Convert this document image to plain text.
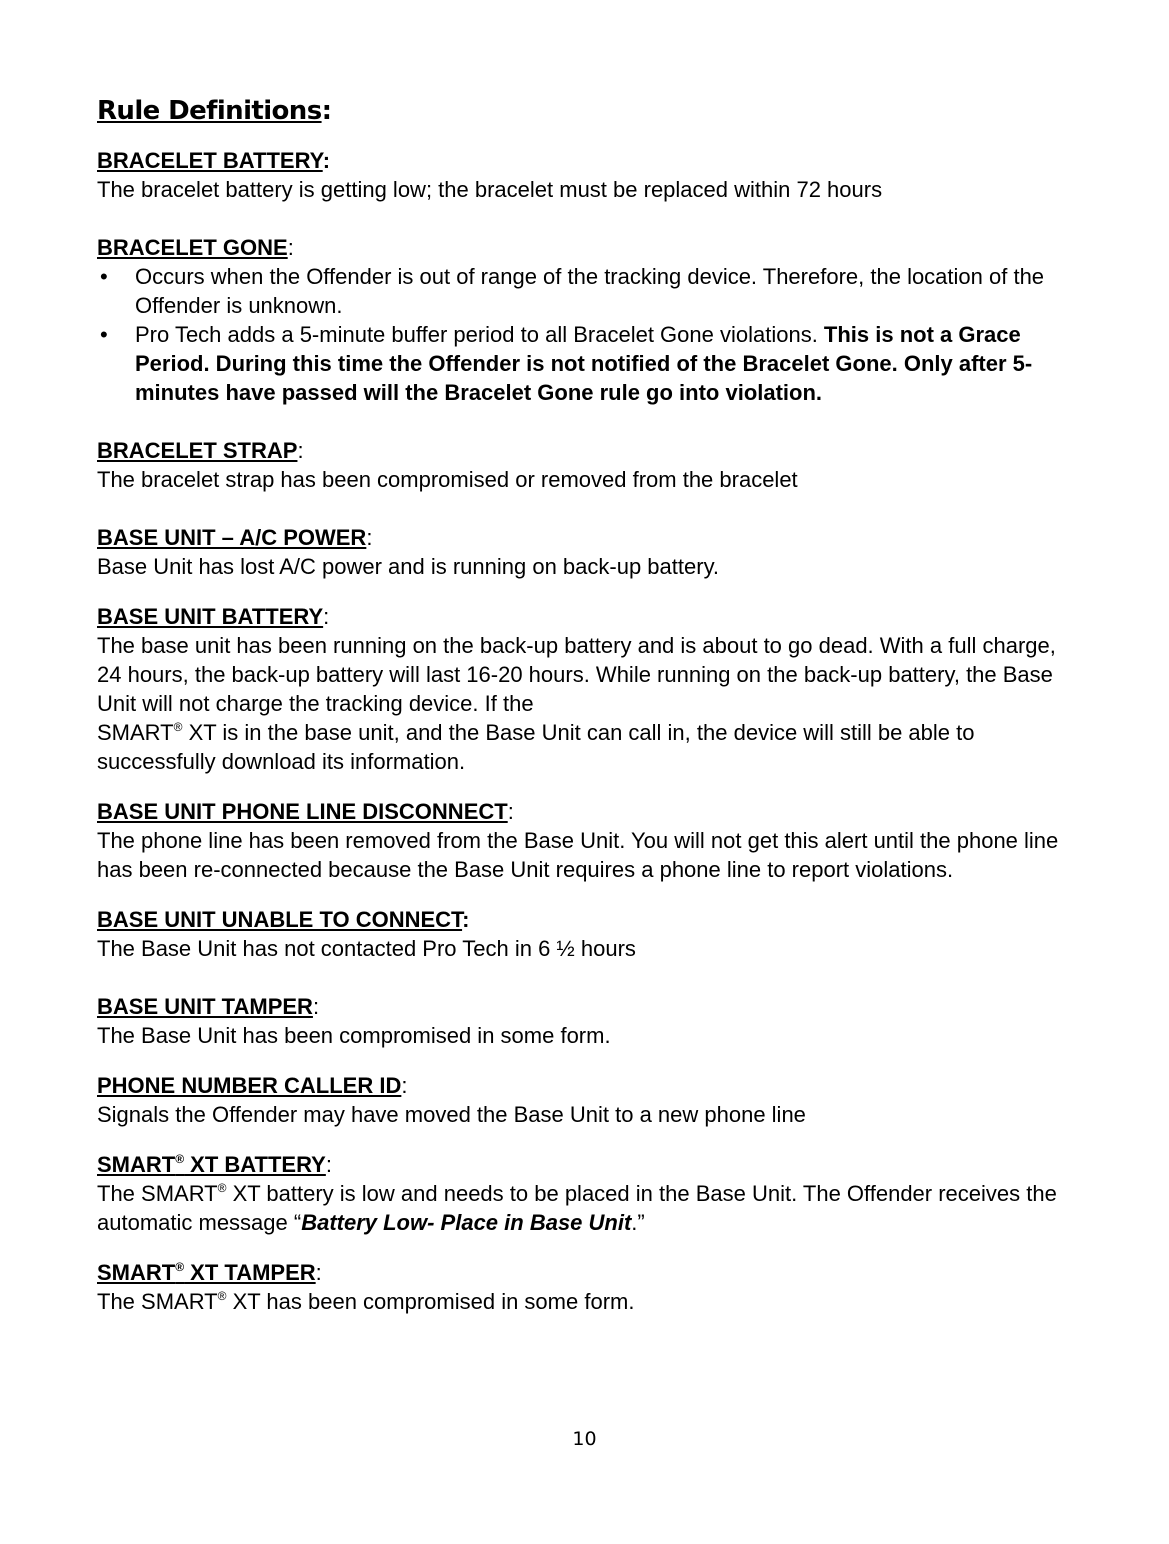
Rule Definitions:
BRACELET BATTERY:
The bracelet battery is getting low; the bracelet must be replaced within 72 hours
BRACELET GONE:
• Occurs when the Offender is out of range of the tracking device. Therefore, the location of the Offender is unknown.
• Pro Tech adds a 5-minute buffer period to all Bracelet Gone violations. This is not a Grace Period. During this time the Offender is not notified of the Bracelet Gone. Only after 5-minutes have passed will the Bracelet Gone rule go into violation.
BRACELET STRAP:
The bracelet strap has been compromised or removed from the bracelet
BASE UNIT – A/C POWER:
Base Unit has lost A/C power and is running on back-up battery.
BASE UNIT BATTERY:
The base unit has been running on the back-up battery and is about to go dead. With a full charge, 24 hours, the back-up battery will last 16-20 hours. While running on the back-up battery, the Base Unit will not charge the tracking device. If the
SMART® XT is in the base unit, and the Base Unit can call in, the device will still be able to successfully download its information.
BASE UNIT PHONE LINE DISCONNECT:
The phone line has been removed from the Base Unit. You will not get this alert until the phone line has been re-connected because the Base Unit requires a phone line to report violations.
BASE UNIT UNABLE TO CONNECT:
The Base Unit has not contacted Pro Tech in 6 ½ hours
BASE UNIT TAMPER:
The Base Unit has been compromised in some form.
PHONE NUMBER CALLER ID:
Signals the Offender may have moved the Base Unit to a new phone line
SMART® XT BATTERY:
The SMART® XT battery is low and needs to be placed in the Base Unit. The Offender receives the automatic message “Battery Low- Place in Base Unit.”
SMART® XT TAMPER:
The SMART® XT has been compromised in some form.
10
